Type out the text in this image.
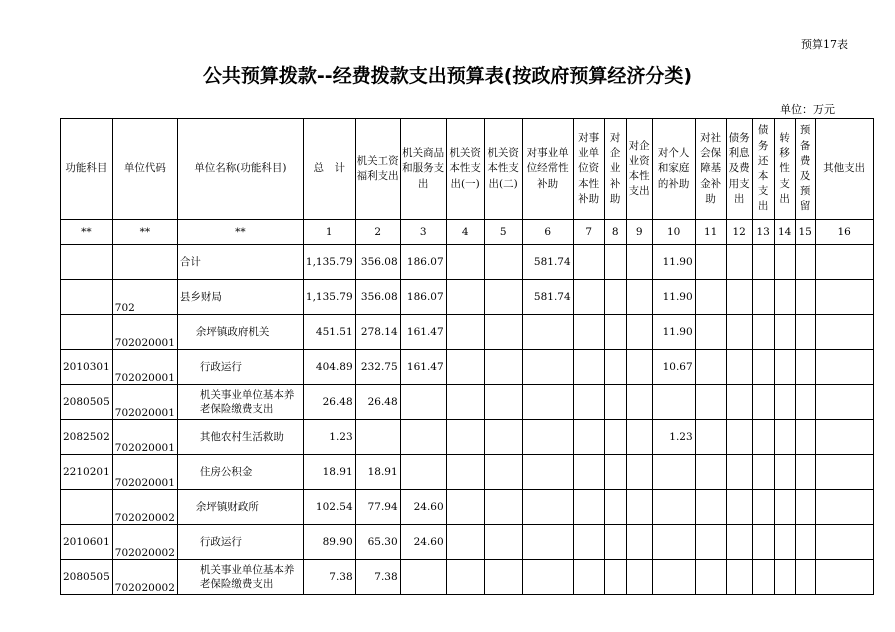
预算17表
公共预算拨款--经费拨款支出预算表(按政府预算经济分类)
单位：万元
功能科目	单位代码	单位名称(功能科目)	总　计	机关工资福利支出	机关商品和服务支出	机关资本性支出(一)	机关资本性支出(二)	对事业单位经常性补助	对事业单位资本性补助	对企业补助	对企业资本性支出	对个人和家庭的补助	对社会保障基金补助	债务利息及费用支出	债务还本支出	转移性支出	预备费及预留	其他支出
**	**	**	1	2	3	4	5	6	7	8	9	10	11	12	13	14	15	16
		合计	1,135.79	356.08	186.07			581.74				11.90						
	702	县乡财局	1,135.79	356.08	186.07			581.74				11.90						
	702020001	余坪镇政府机关	451.51	278.14	161.47							11.90						
2010301	702020001	行政运行	404.89	232.75	161.47							10.67						
2080505	702020001	机关事业单位基本养老保险缴费支出	26.48	26.48														
2082502	702020001	其他农村生活救助	1.23									1.23						
2210201	702020001	住房公积金	18.91	18.91														
	702020002	余坪镇财政所	102.54	77.94	24.60													
2010601	702020002	行政运行	89.90	65.30	24.60													
2080505	702020002	机关事业单位基本养老保险缴费支出	7.38	7.38														
